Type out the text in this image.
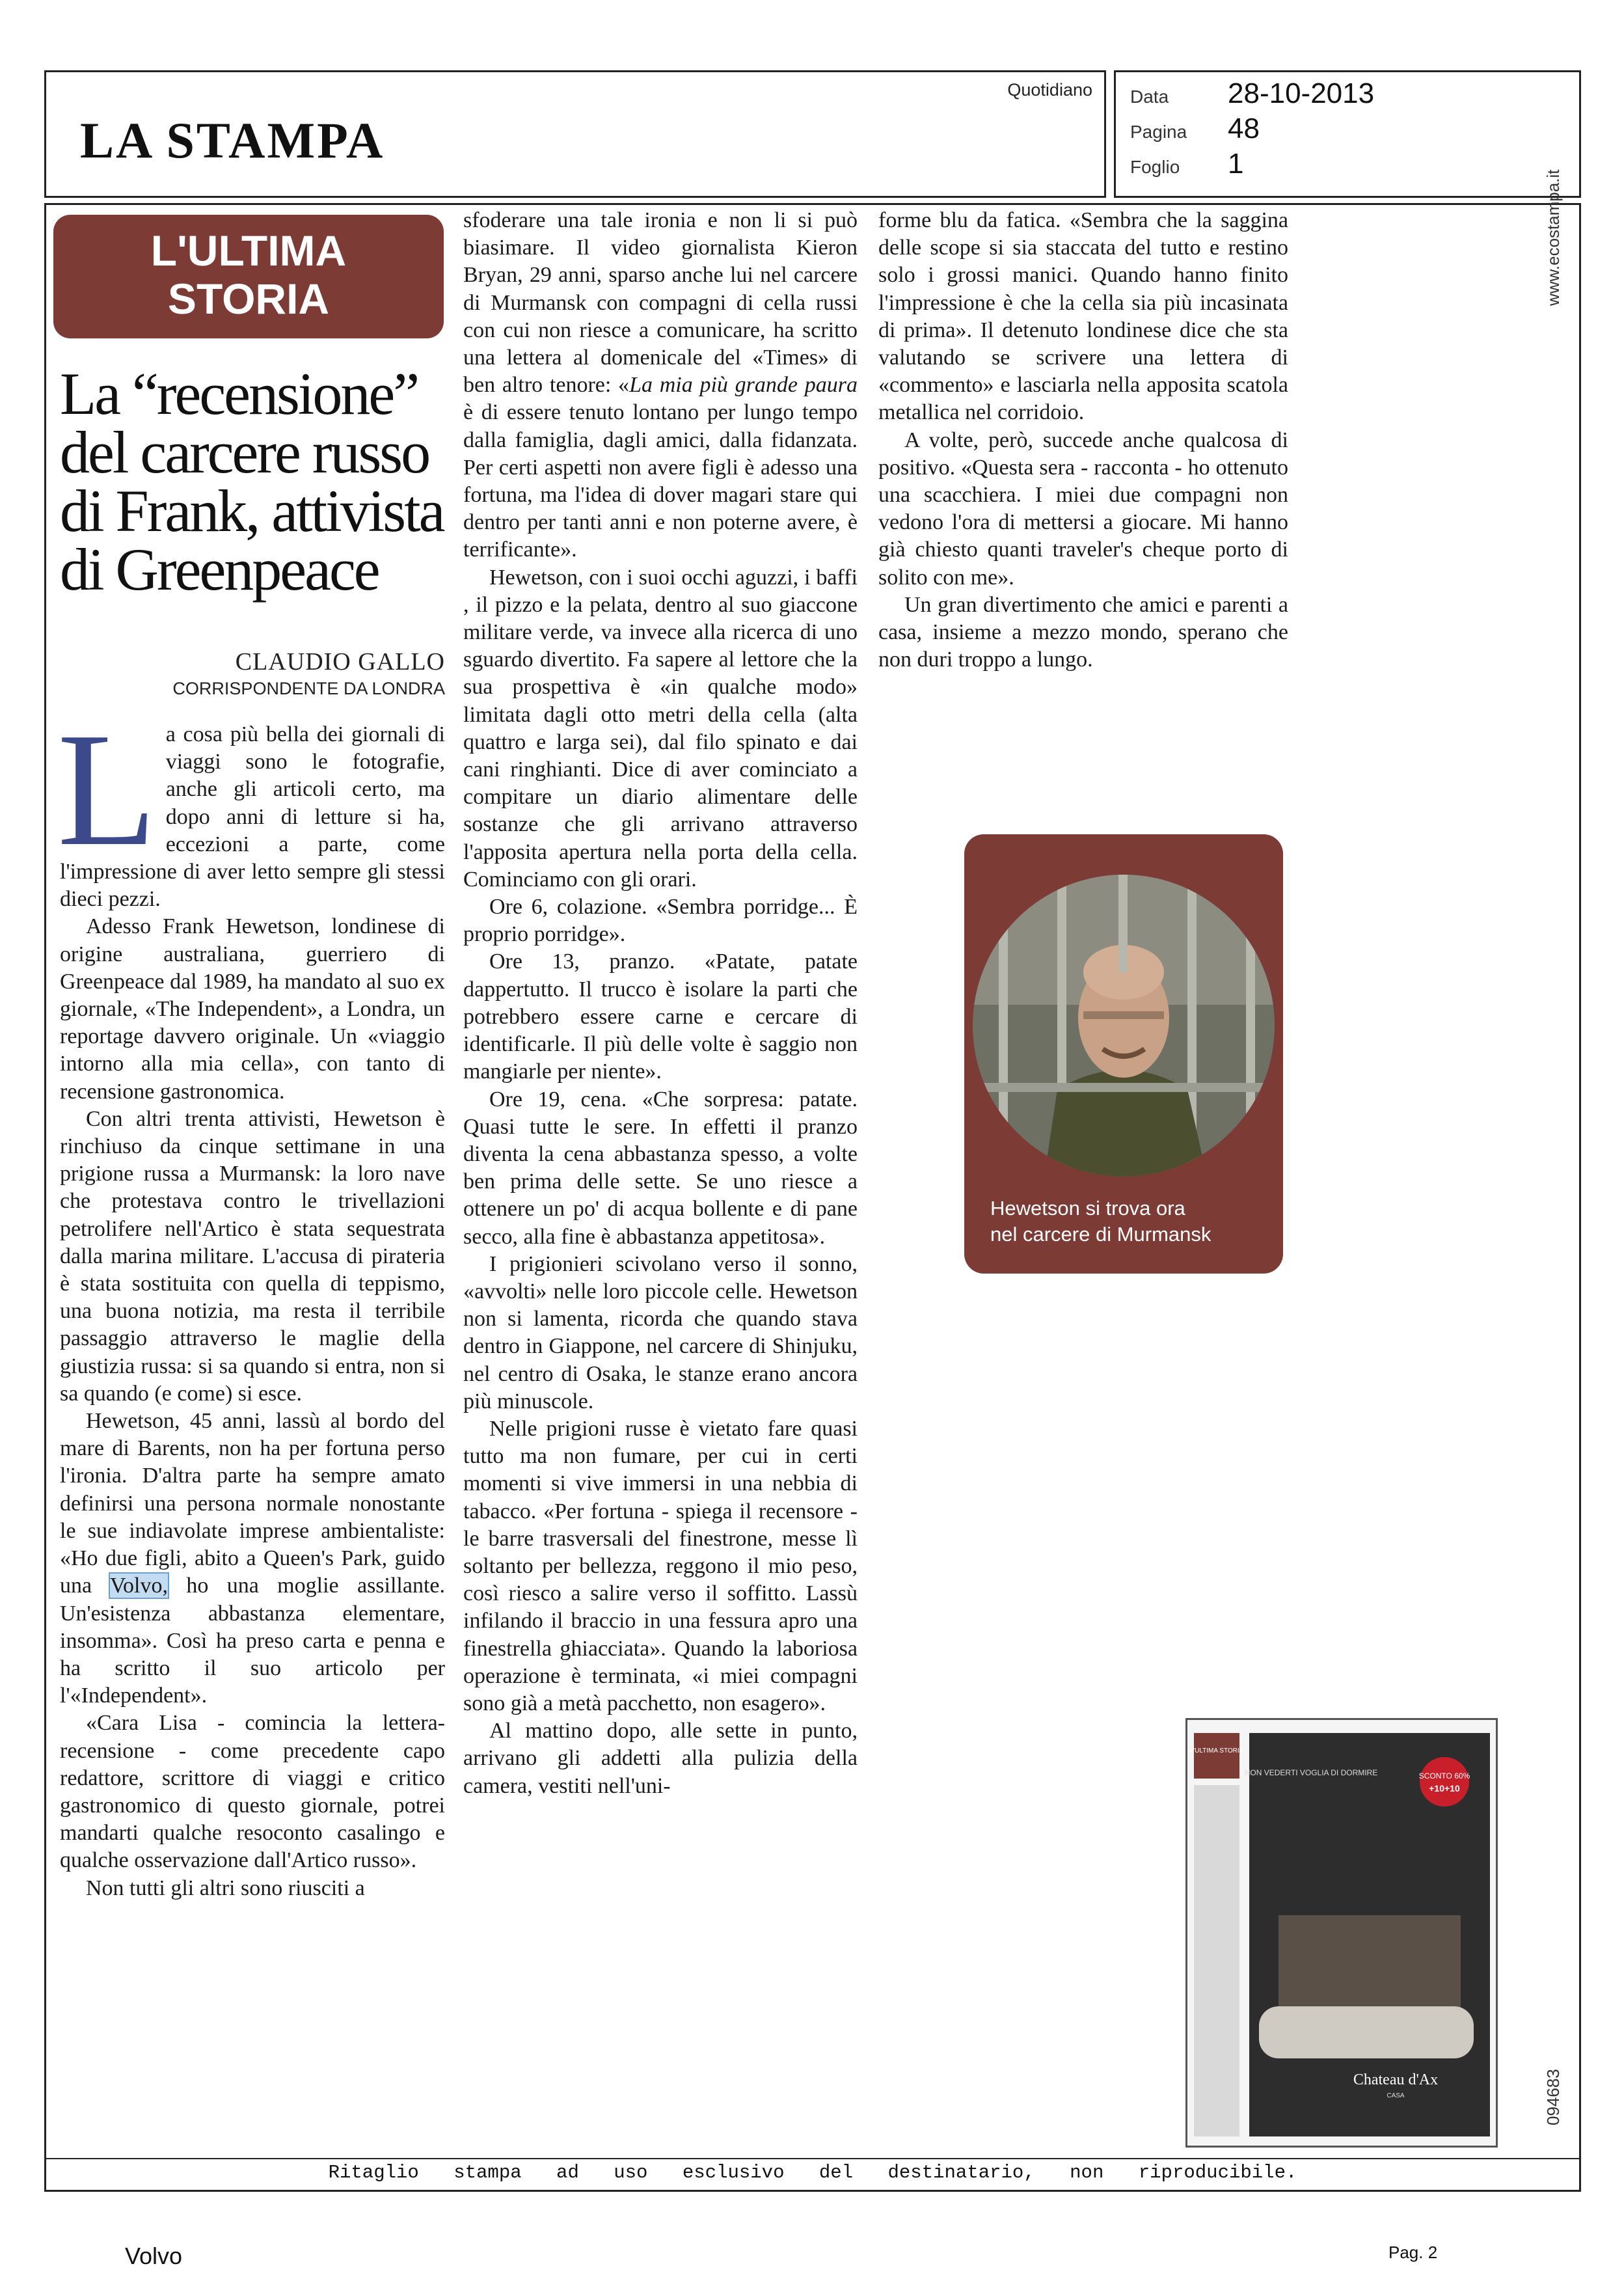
LA STAMPA
Quotidiano Data 28-10-2013
Pagina 48
Foglio 1
L'ULTIMA
STORIA
La “recensione” del carcere russo di Frank, attivista di Greenpeace
CLAUDIO GALLO
CORRISPONDENTE DA LONDRA

La cosa più bella dei giornali di viaggi sono le fotografie, anche gli articoli certo, ma dopo anni di letture si ha, eccezioni a parte, come l'impressione di aver letto sempre gli stessi dieci pezzi.

Adesso Frank Hewetson, londinese di origine australiana, guerriero di Greenpeace dal 1989, ha mandato al suo ex giornale, «The Independent», a Londra, un reportage davvero originale. Un «viaggio intorno alla mia cella», con tanto di recensione gastronomica.

Con altri trenta attivisti, Hewetson è rinchiuso da cinque settimane in una prigione russa a Murmansk: la loro nave che protestava contro le trivellazioni petrolifere nell'Artico è stata sequestrata dalla marina militare. L'accusa di pirateria è stata sostituita con quella di teppismo, una buona notizia, ma resta il terribile passaggio attraverso le maglie della giustizia russa: si sa quando si entra, non si sa quando (e come) si esce.

Hewetson, 45 anni, lassù al bordo del mare di Barents, non ha per fortuna perso l'ironia. D'altra parte ha sempre amato definirsi una persona normale nonostante le sue indiavolate imprese ambientaliste: «Ho due figli, abito a Queen's Park, guido una Volvo, ho una moglie assillante. Un'esistenza abbastanza elementare, insomma». Così ha preso carta e penna e ha scritto il suo articolo per l'«Independent».

«Cara Lisa - comincia la lettera-recensione - come precedente capo redattore, scrittore di viaggi e critico gastronomico di questo giornale, potrei mandarti qualche resoconto casalingo e qualche osservazione dall'Artico russo».

Non tutti gli altri sono riusciti a

sfoderare una tale ironia e non li si può biasimare. Il video giornalista Kieron Bryan, 29 anni, sparso anche lui nel carcere di Murmansk con compagni di cella russi con cui non riesce a comunicare, ha scritto una lettera al domenicale del «Times» di ben altro tenore: «La mia più grande paura è di essere tenuto lontano per lungo tempo dalla famiglia, dagli amici, dalla fidanzata. Per certi aspetti non avere figli è adesso una fortuna, ma l'idea di dover magari stare qui dentro per tanti anni e non poterne avere, è terrificante».

Hewetson, con i suoi occhi aguzzi, i baffi , il pizzo e la pelata, dentro al suo giaccone militare verde, va invece alla ricerca di uno sguardo divertito. Fa sapere al lettore che la sua prospettiva è «in qualche modo» limitata dagli otto metri della cella (alta quattro e larga sei), dal filo spinato e dai cani ringhianti. Dice di aver cominciato a compitare un diario alimentare delle sostanze che gli arrivano attraverso l'apposita apertura nella porta della cella. Cominciamo con gli orari.

Ore 6, colazione. «Sembra porridge... È proprio porridge».

Ore 13, pranzo. «Patate, patate dappertutto. Il trucco è isolare la parti che potrebbero essere carne e cercare di identificarle. Il più delle volte è saggio non mangiarle per niente».

Ore 19, cena. «Che sorpresa: patate. Quasi tutte le sere. In effetti il pranzo diventa la cena abbastanza spesso, a volte ben prima delle sette. Se uno riesce a ottenere un po' di acqua bollente e di pane secco, alla fine è abbastanza appetitosa».

I prigionieri scivolano verso il sonno, «avvolti» nelle loro piccole celle. Hewetson non si lamenta, ricorda che quando stava dentro in Giappone, nel carcere di Shinjuku, nel centro di Osaka, le stanze erano ancora più minuscole.

Nelle prigioni russe è vietato fare quasi tutto ma non fumare, per cui in certi momenti si vive immersi in una nebbia di tabacco. «Per fortuna - spiega il recensore - le barre trasversali del finestrone, messe lì soltanto per bellezza, reggono il mio peso, così riesco a salire verso il soffitto. Lassù infilando il braccio in una fessura apro una finestrella ghiacciata». Quando la laboriosa operazione è terminata, «i miei compagni sono già a metà pacchetto, non esagero».

Al mattino dopo, alle sette in punto, arrivano gli addetti alla pulizia della camera, vestiti nell'uni-

forme blu da fatica. «Sembra che la saggina delle scope si sia staccata del tutto e restino solo i grossi manici. Quando hanno finito l'impressione è che la cella sia più incasinata di prima». Il detenuto londinese dice che sta valutando se scrivere una lettera di «commento» e lasciarla nella apposita scatola metallica nel corridoio.

A volte, però, succede anche qualcosa di positivo. «Questa sera - racconta - ho ottenuto una scacchiera. I miei due compagni non vedono l'ora di mettersi a giocare. Mi hanno già chiesto quanti traveler's cheque porto di solito con me».

Un gran divertimento che amici e parenti a casa, insieme a mezzo mondo, sperano che non duri troppo a lungo.

Hewetson si trova ora
nel carcere di Murmansk
L'ULTIMA STORIA
NON VEDERTI VOGLIA DI DORMIRE	SCONTO 60%
+10+10
Chateau d'Ax
CASA
Ritaglio stampa ad uso esclusivo del destinatario, non riproducibile.
www.ecostampa.it
094683
Volvo	Pag. 2
